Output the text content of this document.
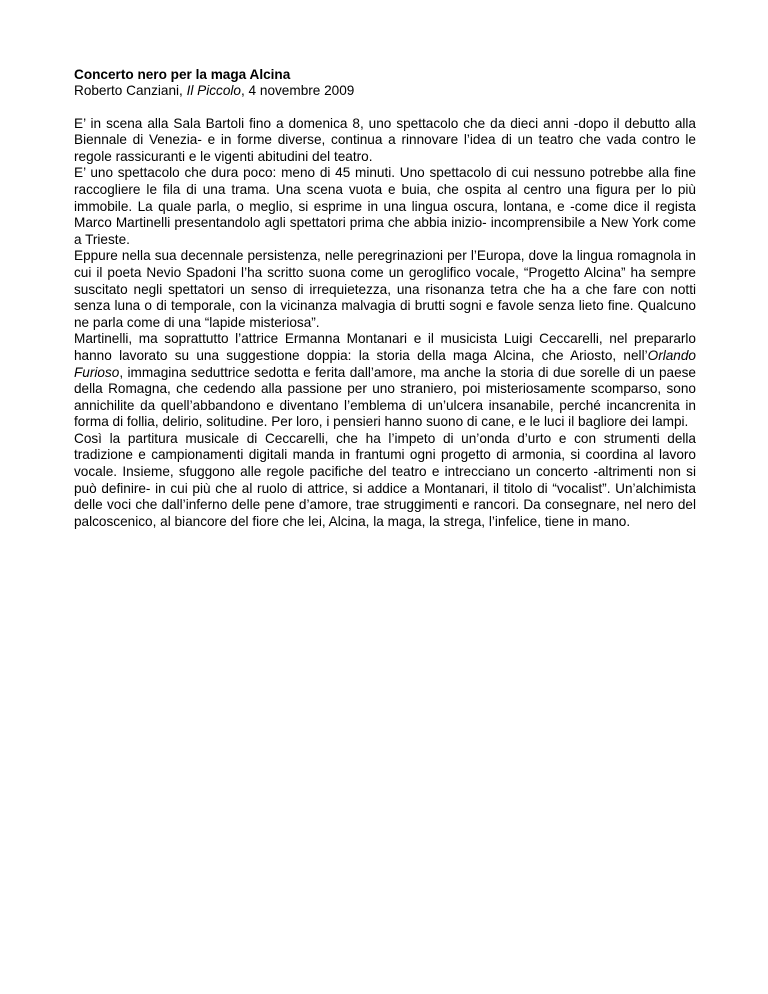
Concerto nero per la maga Alcina
Roberto Canziani, Il Piccolo, 4 novembre 2009

E’ in scena alla Sala Bartoli fino a domenica 8, uno spettacolo che da dieci anni -dopo il debutto alla Biennale di Venezia- e in forme diverse, continua a rinnovare l’idea di un teatro che vada contro le regole rassicuranti e le vigenti abitudini del teatro.

E’ uno spettacolo che dura poco: meno di 45 minuti. Uno spettacolo di cui nessuno potrebbe alla fine raccogliere le fila di una trama. Una scena vuota e buia, che ospita al centro una figura per lo più immobile. La quale parla, o meglio, si esprime in una lingua oscura, lontana, e -come dice il regista Marco Martinelli presentandolo agli spettatori prima che abbia inizio- incomprensibile a New York come a Trieste.

Eppure nella sua decennale persistenza, nelle peregrinazioni per l’Europa, dove la lingua romagnola in cui il poeta Nevio Spadoni l’ha scritto suona come un geroglifico vocale, “Progetto Alcina” ha sempre suscitato negli spettatori un senso di irrequietezza, una risonanza tetra che ha a che fare con notti senza luna o di temporale, con la vicinanza malvagia di brutti sogni e favole senza lieto fine. Qualcuno ne parla come di una “lapide misteriosa”.

Martinelli, ma soprattutto l’attrice Ermanna Montanari e il musicista Luigi Ceccarelli, nel prepararlo hanno lavorato su una suggestione doppia: la storia della maga Alcina, che Ariosto, nell’Orlando Furioso, immagina seduttrice sedotta e ferita dall’amore, ma anche la storia di due sorelle di un paese della Romagna, che cedendo alla passione per uno straniero, poi misteriosamente scomparso, sono annichilite da quell’abbandono e diventano l’emblema di un’ulcera insanabile, perché incancrenita in forma di follia, delirio, solitudine. Per loro, i pensieri hanno suono di cane, e le luci il bagliore dei lampi.

Così la partitura musicale di Ceccarelli, che ha l’impeto di un’onda d’urto e con strumenti della tradizione e campionamenti digitali manda in frantumi ogni progetto di armonia, si coordina al lavoro vocale. Insieme, sfuggono alle regole pacifiche del teatro e intrecciano un concerto -altrimenti non si può definire- in cui più che al ruolo di attrice, si addice a Montanari, il titolo di “vocalist”. Un’alchimista delle voci che dall’inferno delle pene d’amore, trae struggimenti e rancori. Da consegnare, nel nero del palcoscenico, al biancore del fiore che lei, Alcina, la maga, la strega, l’infelice, tiene in mano.
